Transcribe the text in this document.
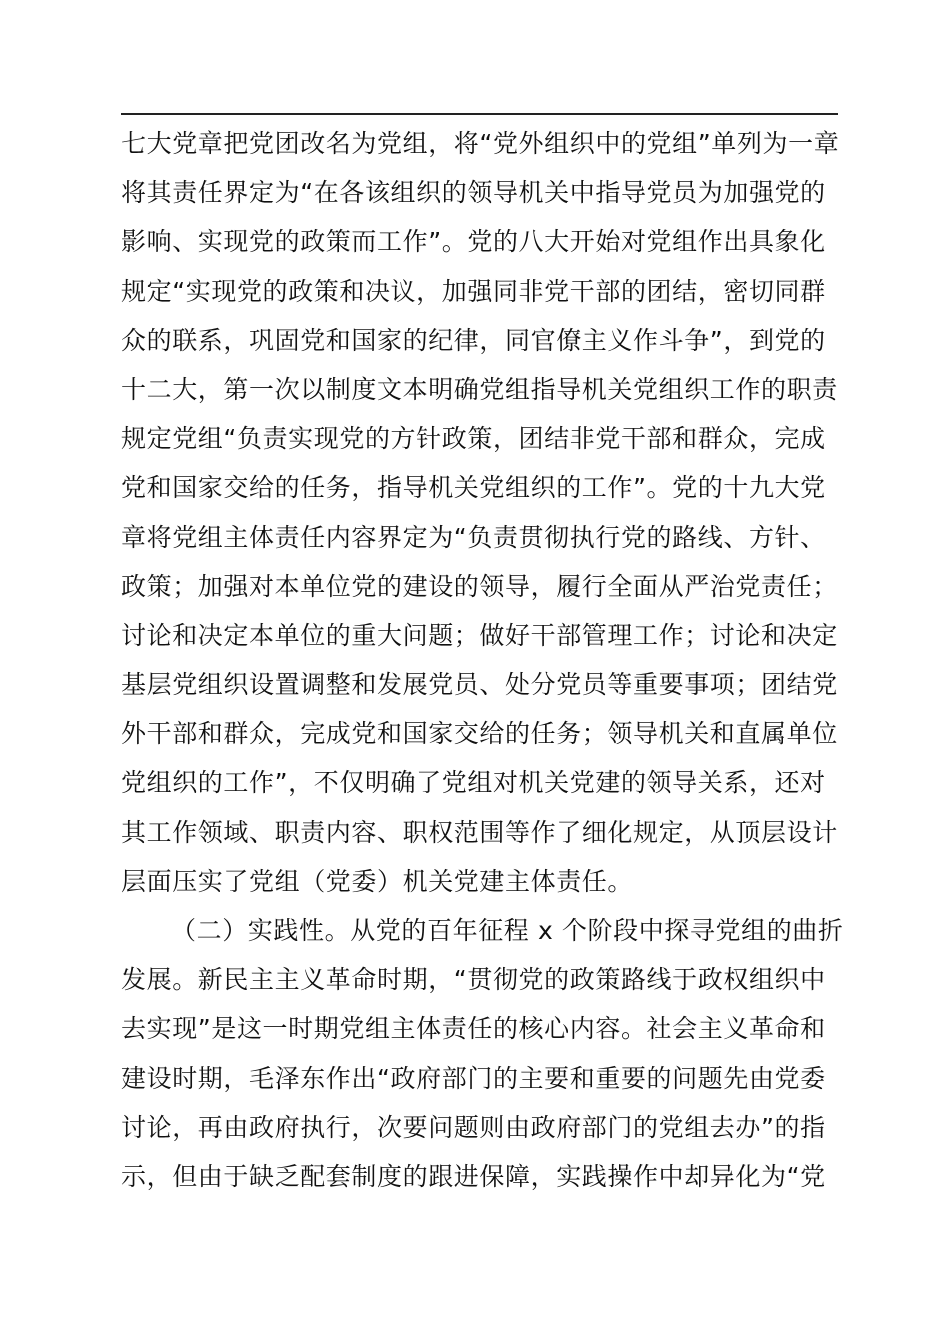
七大党章把党团改名为党组，将“党外组织中的党组”单列为一章
将其责任界定为“在各该组织的领导机关中指导党员为加强党的
影响、实现党的政策而工作”。党的八大开始对党组作出具象化
规定“实现党的政策和决议，加强同非党干部的团结，密切同群
众的联系，巩固党和国家的纪律，同官僚主义作斗争”，到党的
十二大，第一次以制度文本明确党组指导机关党组织工作的职责
规定党组“负责实现党的方针政策，团结非党干部和群众，完成
党和国家交给的任务，指导机关党组织的工作”。党的十九大党
章将党组主体责任内容界定为“负责贯彻执行党的路线、方针、
政策；加强对本单位党的建设的领导，履行全面从严治党责任；
讨论和决定本单位的重大问题；做好干部管理工作；讨论和决定
基层党组织设置调整和发展党员、处分党员等重要事项；团结党
外干部和群众，完成党和国家交给的任务；领导机关和直属单位
党组织的工作”，不仅明确了党组对机关党建的领导关系，还对
其工作领域、职责内容、职权范围等作了细化规定，从顶层设计
层面压实了党组（党委）机关党建主体责任。
（二）实践性。从党的百年征程 x 个阶段中探寻党组的曲折
发展。新民主主义革命时期，“贯彻党的政策路线于政权组织中
去实现”是这一时期党组主体责任的核心内容。社会主义革命和
建设时期，毛泽东作出“政府部门的主要和重要的问题先由党委
讨论，再由政府执行，次要问题则由政府部门的党组去办”的指
示，但由于缺乏配套制度的跟进保障，实践操作中却异化为“党
